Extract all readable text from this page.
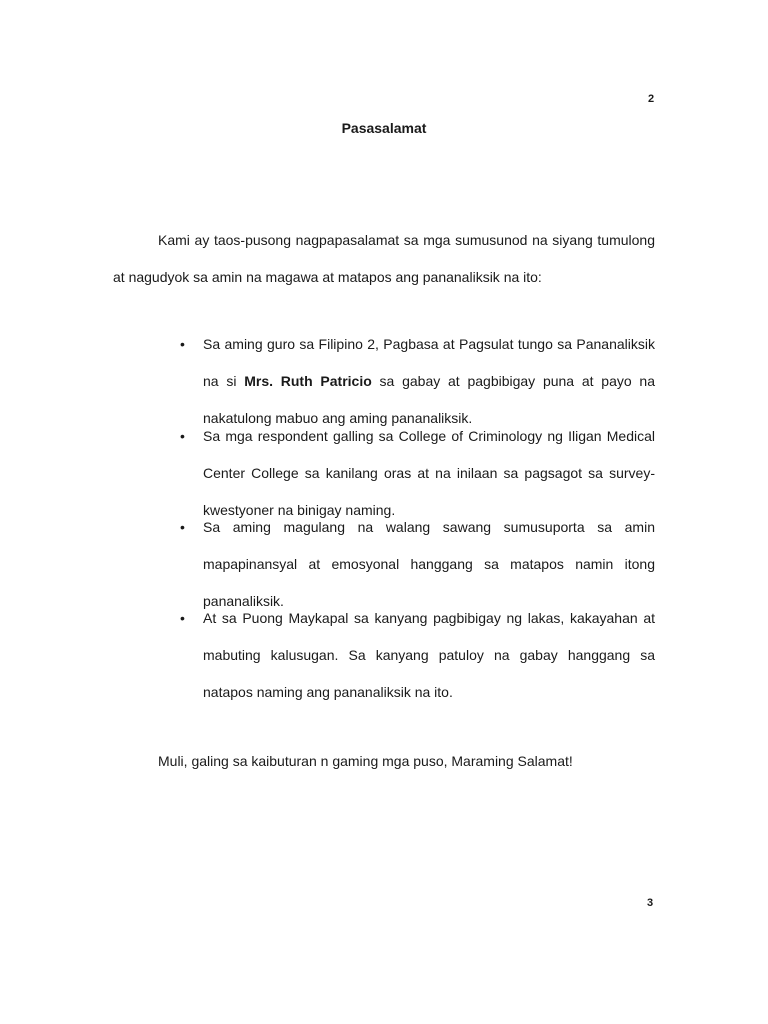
2
Pasasalamat

Kami ay taos-pusong nagpapasalamat sa mga sumusunod na siyang tumulong at nagudyok sa amin na magawa at matapos ang pananaliksik na ito:

• Sa aming guro sa Filipino 2, Pagbasa at Pagsulat tungo sa Pananaliksik na si Mrs. Ruth Patricio sa gabay at pagbibigay puna at payo na nakatulong mabuo ang aming pananaliksik.
• Sa mga respondent galling sa College of Criminology ng Iligan Medical Center College sa kanilang oras at na inilaan sa pagsagot sa survey-kwestyoner na binigay naming.
• Sa aming magulang na walang sawang sumusuporta sa amin mapapinansyal at emosyonal hanggang sa matapos namin itong pananaliksik.
• At sa Puong Maykapal sa kanyang pagbibigay ng lakas, kakayahan at mabuting kalusugan. Sa kanyang patuloy na gabay hanggang sa natapos naming ang pananaliksik na ito.

Muli, galing sa kaibuturan n gaming mga puso, Maraming Salamat!

3
